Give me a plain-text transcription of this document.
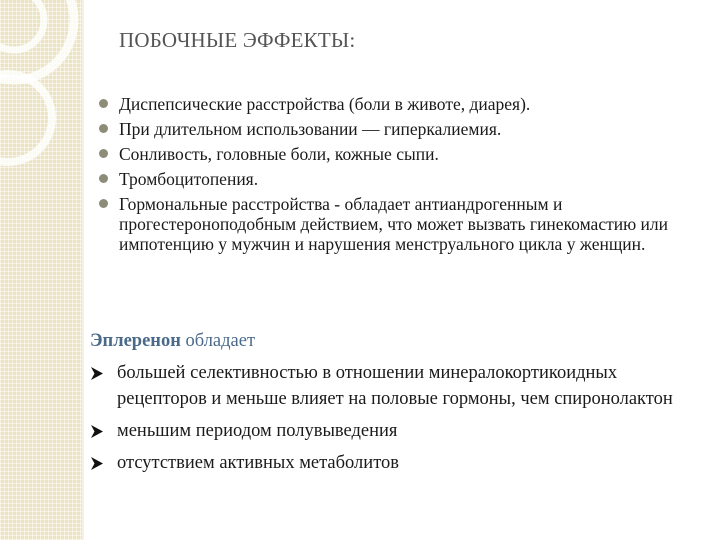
ПОБОЧНЫЕ ЭФФЕКТЫ:
Диспепсические расстройства (боли в животе, диарея).
При длительном использовании — гиперкалиемия.
Сонливость, головные боли, кожные сыпи.
Тромбоцитопения.
Гормональные расстройства - обладает антиандрогенным и прогестероноподобным действием, что может вызвать гинекомастию или импотенцию у мужчин и нарушения менструального цикла у женщин.
Эплеренон обладает
большей селективностью в отношении минералокортикоидных рецепторов и меньше влияет на половые гормоны, чем спиронолактон
меньшим периодом полувыведения
отсутствием активных метаболитов
